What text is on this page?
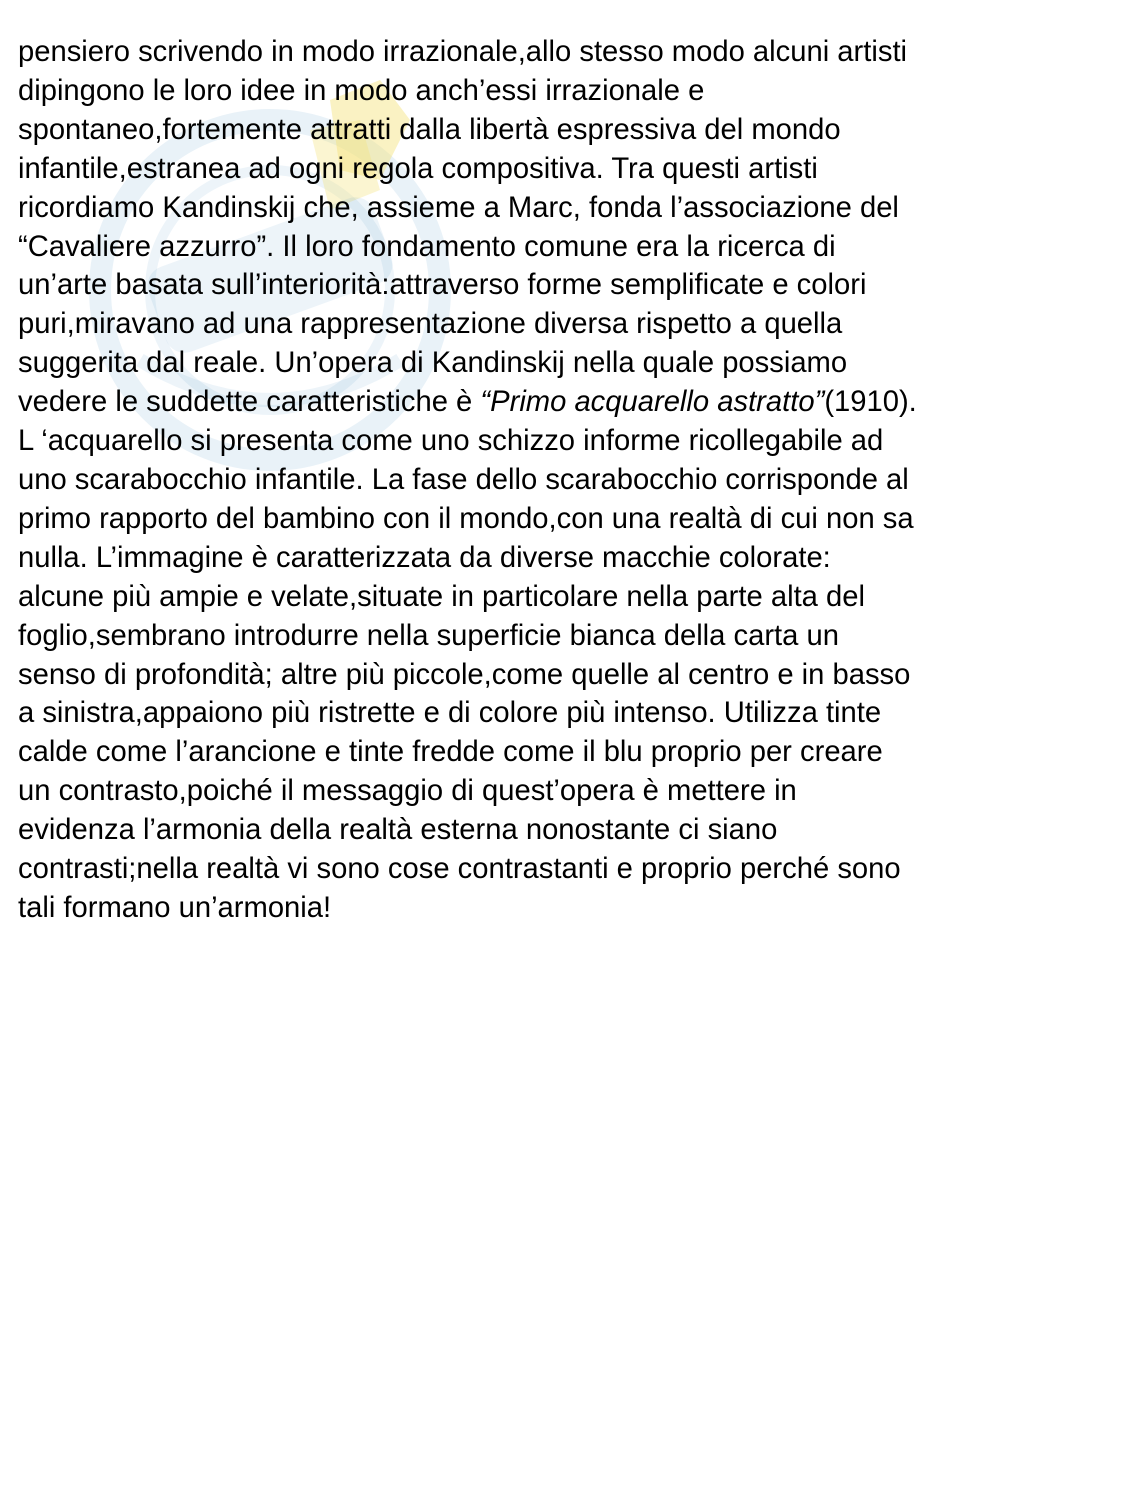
pensiero scrivendo in modo irrazionale,allo stesso modo alcuni artisti
dipingono le loro idee in modo anch’essi irrazionale e
spontaneo,fortemente attratti dalla libertà espressiva del mondo
infantile,estranea ad ogni regola compositiva. Tra questi artisti
ricordiamo Kandinskij che, assieme a Marc, fonda l’associazione del
“Cavaliere azzurro”. Il loro fondamento comune era la ricerca di
un’arte basata sull’interiorità:attraverso forme semplificate e colori
puri,miravano ad una rappresentazione diversa rispetto a quella
suggerita dal reale. Un’opera di Kandinskij nella quale possiamo
vedere le suddette caratteristiche è “Primo acquarello astratto”(1910).
L ‘acquarello si presenta come uno schizzo informe ricollegabile ad
uno scarabocchio infantile. La fase dello scarabocchio corrisponde al
primo rapporto del bambino con il mondo,con una realtà di cui non sa
nulla. L’immagine è caratterizzata da diverse macchie colorate:
alcune più ampie e velate,situate in particolare nella parte alta del
foglio,sembrano introdurre nella superficie bianca della carta un
senso di profondità; altre più piccole,come quelle al centro e in basso
a sinistra,appaiono più ristrette e di colore più intenso. Utilizza tinte
calde come l’arancione e tinte fredde come il blu proprio per creare
un contrasto,poiché il messaggio di quest’opera è mettere in
evidenza l’armonia della realtà esterna nonostante ci siano
contrasti;nella realtà vi sono cose contrastanti e proprio perché sono
tali formano un’armonia!
